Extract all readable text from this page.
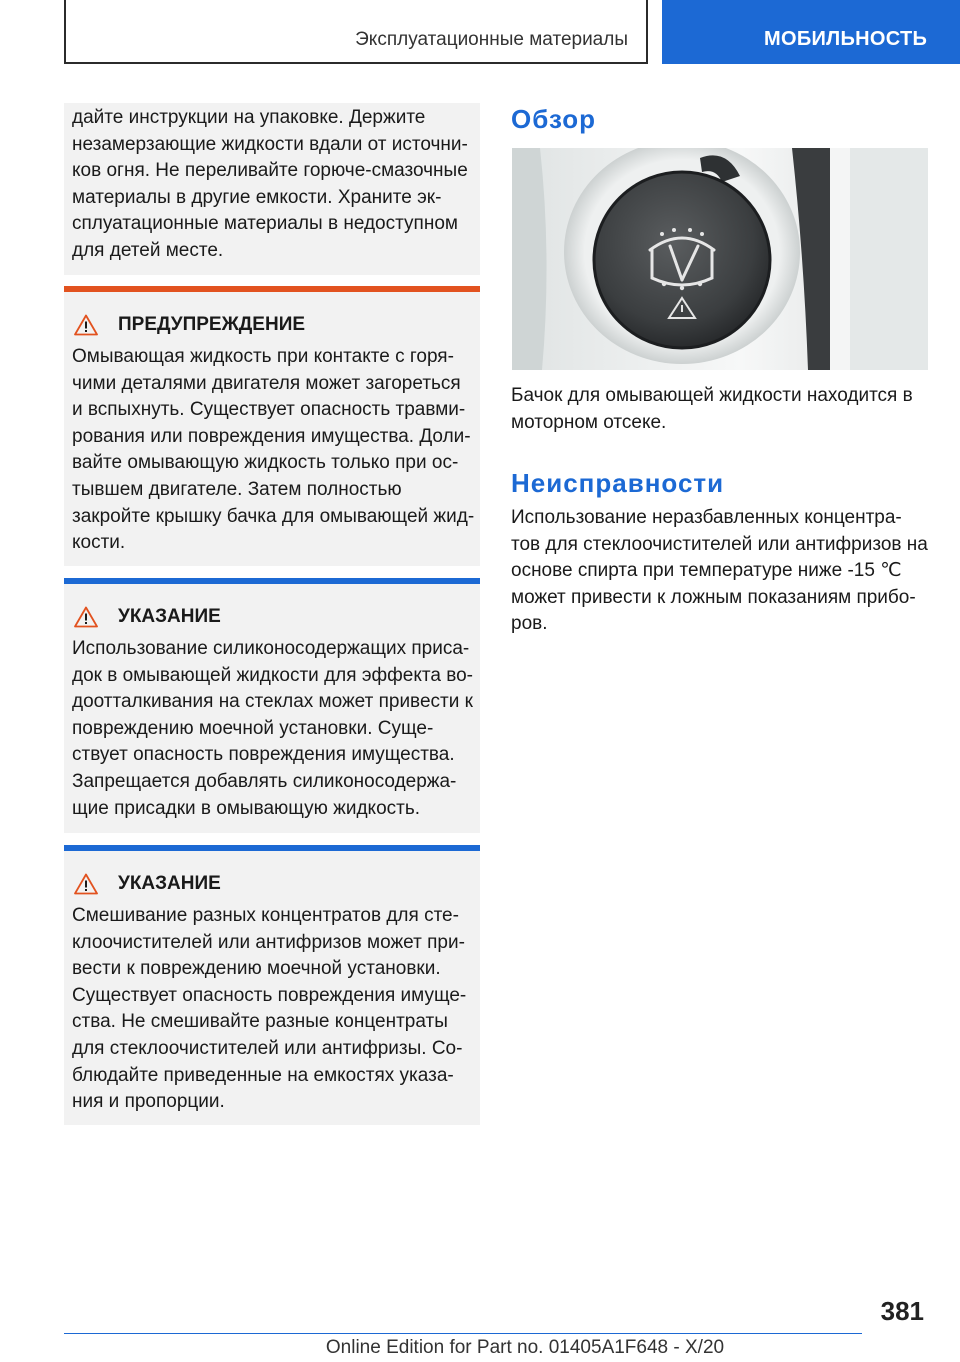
Эксплуатационные материалы	МОБИЛЬНОСТЬ

дайте инструкции на упаковке. Держите

незамерзающие жидкости вдали от источни-

ков огня. Не переливайте горюче-смазочные

материалы в другие емкости. Храните эк-

сплуатационные материалы в недоступном

для детей месте.

ПРЕДУПРЕЖДЕНИЕ

Омывающая жидкость при контакте с горя-

чими деталями двигателя может загореться

и вспыхнуть. Существует опасность травми-

рования или повреждения имущества. Доли-

вайте омывающую жидкость только при ос-

тывшем двигателе. Затем полностью

закройте крышку бачка для омывающей жид-

кости.

УКАЗАНИЕ

Использование силиконосодержащих приса-

док в омывающей жидкости для эффекта во-

доотталкивания на стеклах может привести к

повреждению моечной установки. Суще-

ствует опасность повреждения имущества.

Запрещается добавлять силиконосодержа-

щие присадки в омывающую жидкость.

УКАЗАНИЕ

Смешивание разных концентратов для сте-

клоочистителей или антифризов может при-

вести к повреждению моечной установки.

Существует опасность повреждения имуще-

ства. Не смешивайте разные концентраты

для стеклоочистителей или антифризы. Со-

блюдайте приведенные на емкостях указа-

ния и пропорции.

Обзор

Бачок для омывающей жидкости находится в
моторном отсеке.

Неисправности

Использование неразбавленных концентра-
тов для стеклоочистителей или антифризов на
основе спирта при температуре ниже -15 ℃
может привести к ложным показаниям прибо-
ров.

381
Online Edition for Part no. 01405A1F648 - X/20
